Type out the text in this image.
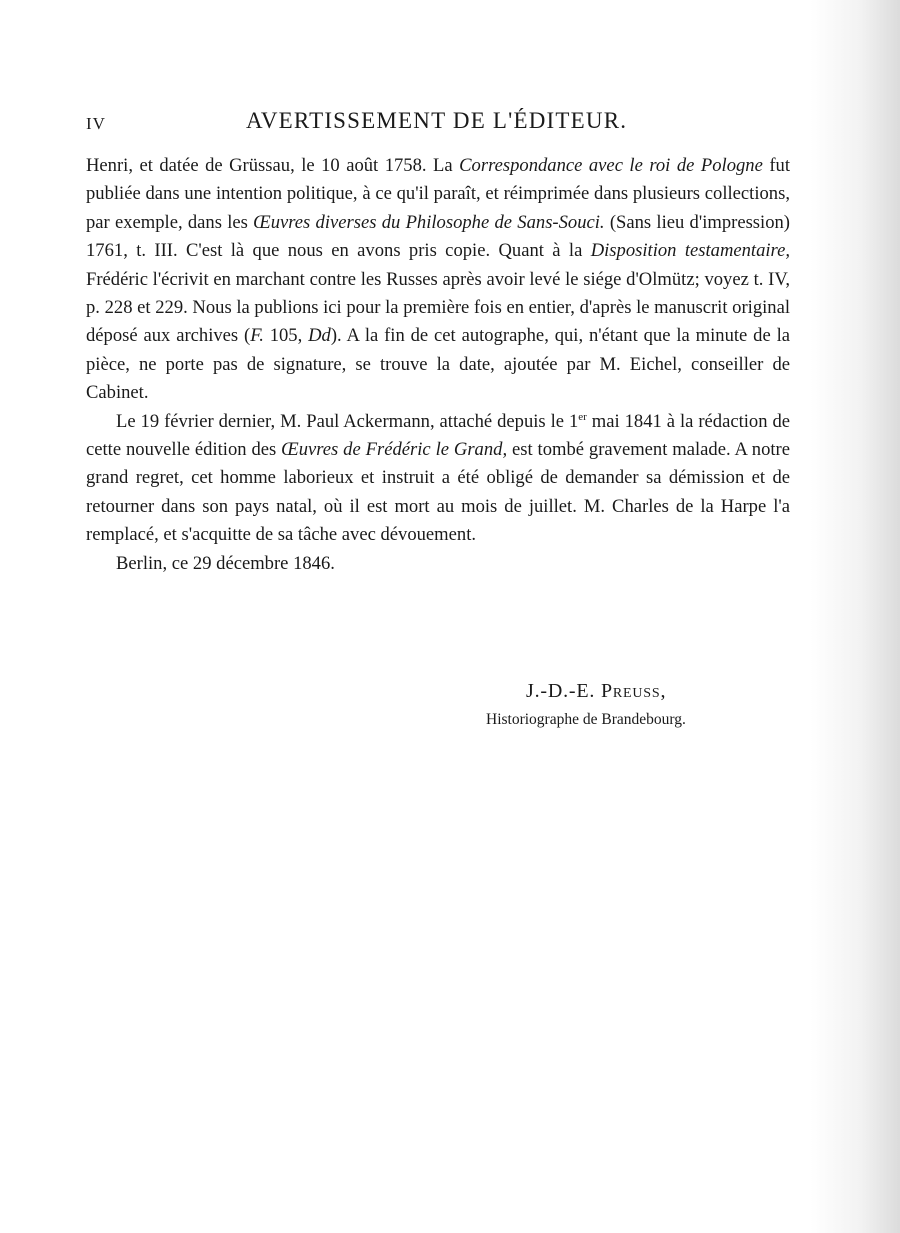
IV	AVERTISSEMENT DE L'ÉDITEUR.

Henri, et datée de Grüssau, le 10 août 1758. La Correspondance avec le roi de Pologne fut publiée dans une intention politique, à ce qu'il paraît, et réimprimée dans plusieurs collections, par exemple, dans les Œuvres diverses du Philosophe de Sans-Souci. (Sans lieu d'impression) 1761, t. III. C'est là que nous en avons pris copie. Quant à la Disposition testamentaire, Frédéric l'écrivit en marchant contre les Russes après avoir levé le siége d'Olmütz; voyez t. IV, p. 228 et 229. Nous la publions ici pour la première fois en entier, d'après le manuscrit original déposé aux archives (F. 105, Dd). A la fin de cet autographe, qui, n'étant que la minute de la pièce, ne porte pas de signature, se trouve la date, ajoutée par M. Eichel, conseiller de Cabinet.

Le 19 février dernier, M. Paul Ackermann, attaché depuis le 1er mai 1841 à la rédaction de cette nouvelle édition des Œuvres de Frédéric le Grand, est tombé gravement malade. A notre grand regret, cet homme laborieux et instruit a été obligé de demander sa démission et de retourner dans son pays natal, où il est mort au mois de juillet. M. Charles de la Harpe l'a remplacé, et s'acquitte de sa tâche avec dévouement.

Berlin, ce 29 décembre 1846.

J.-D.-E. Preuss,
Historiographe de Brandebourg.
